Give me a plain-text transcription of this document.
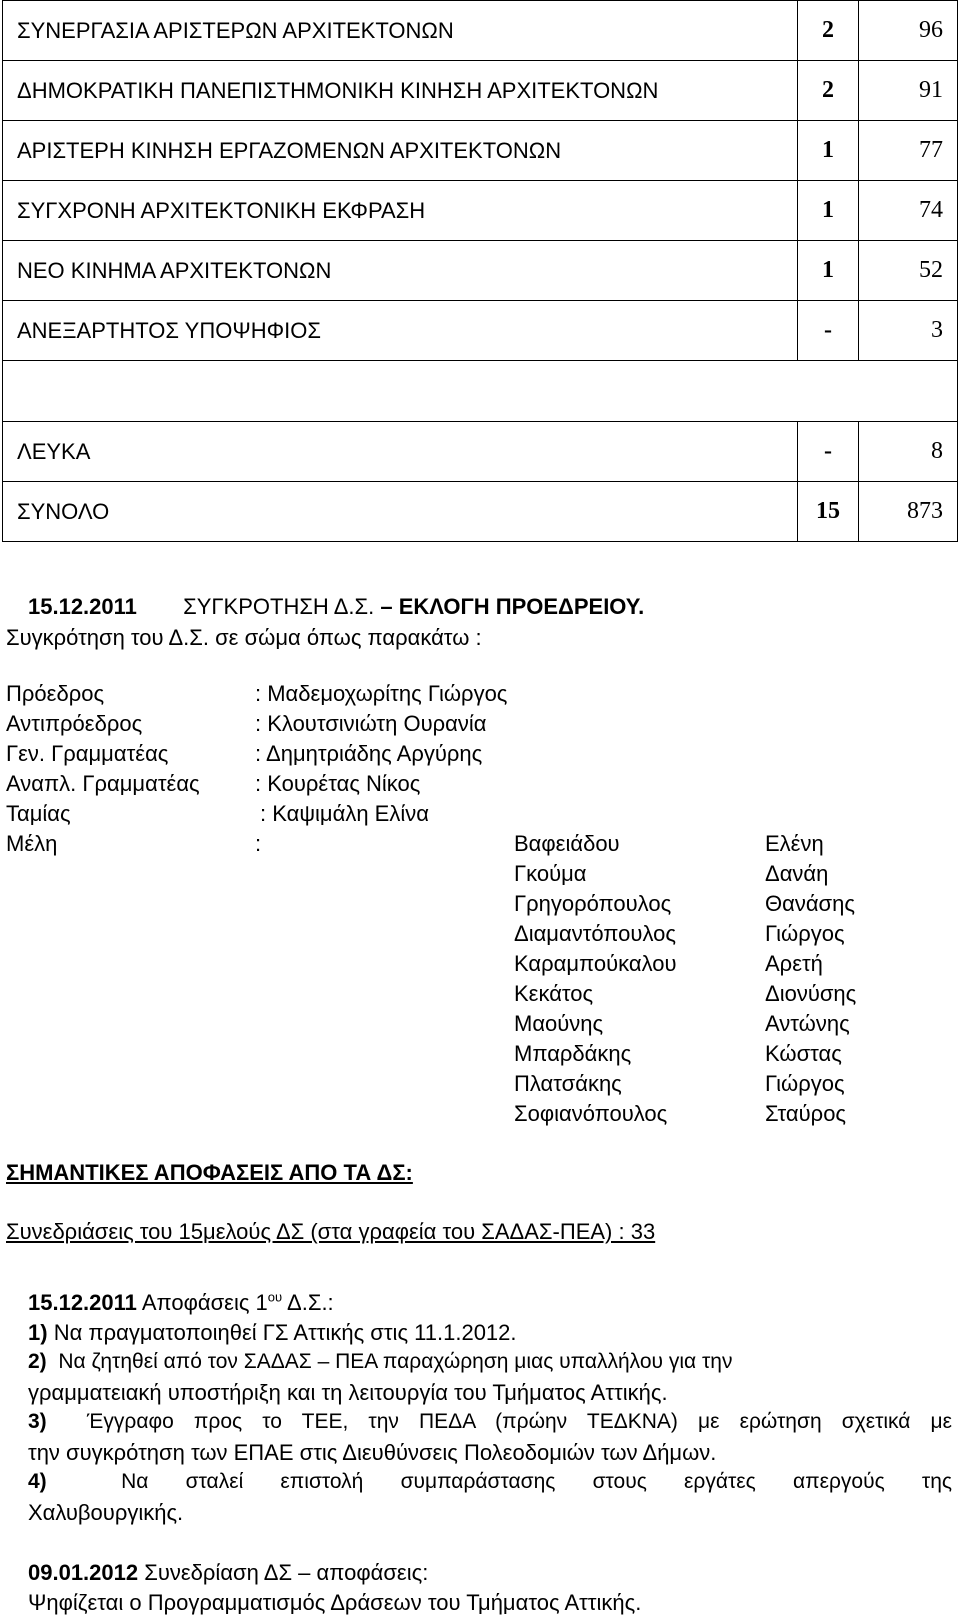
ΣΥΝΕΡΓΑΣΙΑ ΑΡΙΣΤΕΡΩΝ ΑΡΧΙΤΕΚΤΟΝΩΝ	2	96
ΔΗΜΟΚΡΑΤΙΚΗ ΠΑΝΕΠΙΣΤΗΜΟΝΙΚΗ ΚΙΝΗΣΗ ΑΡΧΙΤΕΚΤΟΝΩΝ	2	91
ΑΡΙΣΤΕΡΗ ΚΙΝΗΣΗ ΕΡΓΑΖΟΜΕΝΩΝ ΑΡΧΙΤΕΚΤΟΝΩΝ	1	77
ΣΥΓΧΡΟΝΗ ΑΡΧΙΤΕΚΤΟΝΙΚΗ ΕΚΦΡΑΣΗ	1	74
ΝΕΟ ΚΙΝΗΜΑ ΑΡΧΙΤΕΚΤΟΝΩΝ	1	52
ΑΝΕΞΑΡΤΗΤΟΣ ΥΠΟΨΗΦΙΟΣ	-	3

ΛΕΥΚΑ	-	8
ΣΥΝΟΛΟ	15	873
15.12.2011 ΣΥΓΚΡΟΤΗΣΗ Δ.Σ. – ΕΚΛΟΓΗ ΠΡΟΕΔΡΕΙΟΥ.
Συγκρότηση του Δ.Σ. σε σώμα όπως παρακάτω :
Πρόεδρος	: Μαδεμοχωρίτης Γιώργος
Αντιπρόεδρος	: Κλουτσινιώτη Ουρανία
Γεν. Γραμματέας	: Δημητριάδης Αργύρης
Αναπλ. Γραμματέας	: Κουρέτας Νίκος
Ταμίας	: Καψιμάλη Ελίνα
Μέλη	:	Βαφειάδου	Ελένη
Γκούμα	Δανάη
Γρηγορόπουλος	Θανάσης
Διαμαντόπουλος	Γιώργος
Καραμπούκαλου	Αρετή
Κεκάτος	Διονύσης
Μαούνης	Αντώνης
Μπαρδάκης	Κώστας
Πλατσάκης	Γιώργος
Σοφιανόπουλος	Σταύρος
ΣΗΜΑΝΤΙΚΕΣ ΑΠΟΦΑΣΕΙΣ ΑΠΟ ΤΑ ΔΣ:
Συνεδριάσεις του 15μελούς ΔΣ (στα γραφεία του ΣΑΔΑΣ-ΠΕΑ) : 33
15.12.2011 Αποφάσεις $1^{o\upsilon}$ Δ.Σ.:
1) Να πραγματοποιηθεί ΓΣ Αττικής στις 11.1.2012.
2) Να ζητηθεί από τον ΣΑΔΑΣ – ΠΕΑ παραχώρηση μιας υπαλλήλου για την
γραμματειακή υποστήριξη και τη λειτουργία του Τμήματος Αττικής.
3) Έγγραφο προς το ΤΕΕ, την ΠΕΔΑ (πρώην ΤΕΔΚΝΑ) με ερώτηση σχετικά με
την συγκρότηση των ΕΠΑΕ στις Διευθύνσεις Πολεοδομιών των Δήμων.
4)	Να σταλεί επιστολή συμπαράστασης στους εργάτες απεργούς της
Χαλυβουργικής.
09.01.2012 Συνεδρίαση ΔΣ – αποφάσεις:
Ψηφίζεται ο Προγραμματισμός Δράσεων του Τμήματος Αττικής.
